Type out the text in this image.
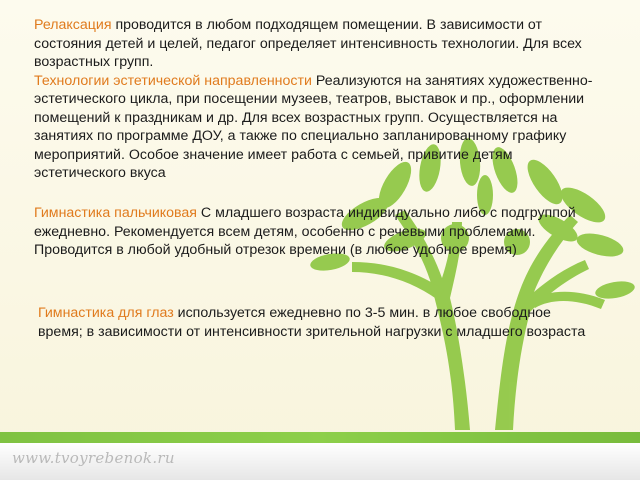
Релаксация проводится в любом подходящем помещении. В зависимости от состояния детей и целей, педагог определяет интенсивность технологии. Для всех возрастных групп.
Технологии эстетической направленности Реализуются на занятиях художественно-эстетического цикла, при посещении музеев, театров, выставок и пр., оформлении помещений к праздникам и др. Для всех возрастных групп. Осуществляется на занятиях по программе ДОУ, а также по специально запланированному графику мероприятий. Особое значение имеет работа с семьей, привитие детям эстетического вкуса
Гимнастика пальчиковая С младшего возраста индивидуально либо с подгруппой ежедневно. Рекомендуется всем детям, особенно с речевыми проблемами. Проводится в любой удобный отрезок времени (в любое удобное время)
Гимнастика для глаз используется ежедневно по 3-5 мин. в любое свободное время; в зависимости от интенсивности зрительной нагрузки с младшего возраста
www.tvoyrebenok.ru
